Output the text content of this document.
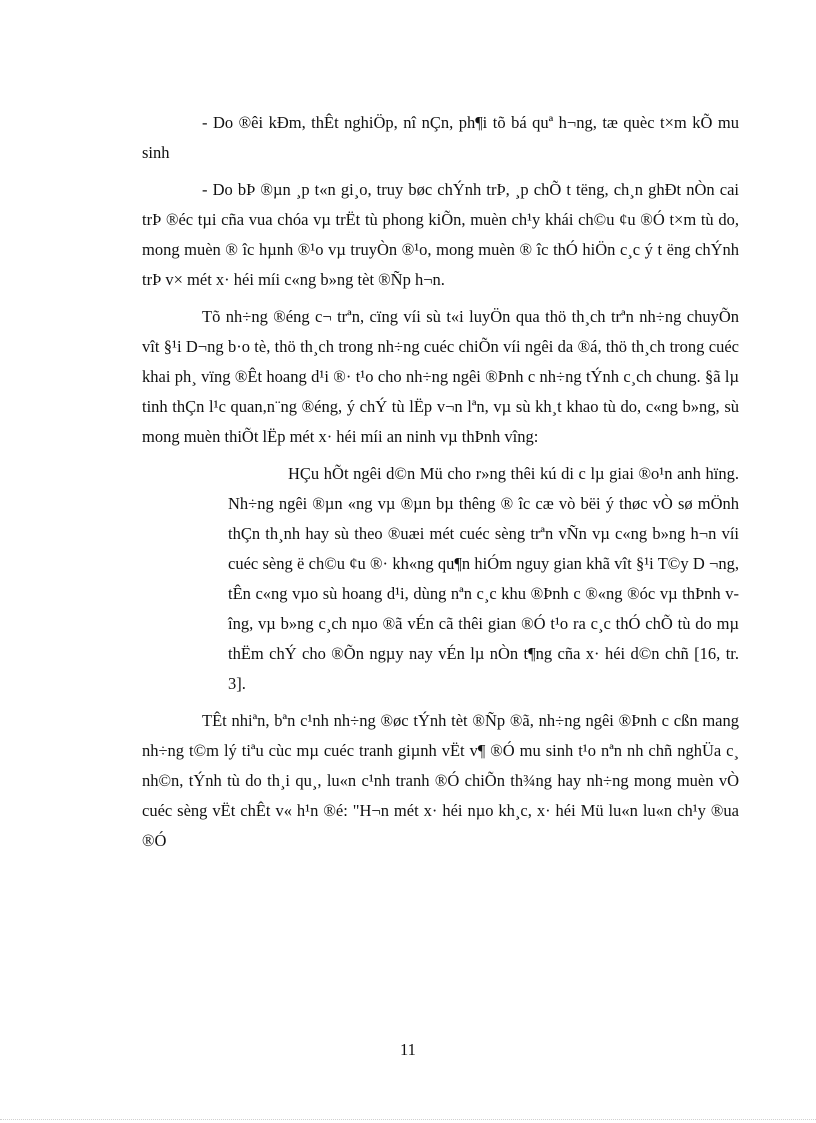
- Do ®êi kÐm, thÊt nghiÖp, nî nÇn, ph¶i tõ bá quª h¬ng, tæ quèc t×m kÕ mu sinh

- Do bÞ ®µn ¸p t«n gi¸o, truy bøc chÝnh trÞ, ¸p chÕ t tëng, ch¸n ghÐt nÒn cai trÞ ®éc tµi cña vua chóa vµ trËt tù phong kiÕn, muèn ch¹y khái ch©u ¢u ®Ó t×m tù do, mong muèn ® îc hµnh ®¹o vµ truyÒn ®¹o, mong muèn ® îc thÓ hiÖn c¸c ý t ëng chÝnh trÞ v× mét x· héi míi c«ng b»ng tèt ®Ñp h¬n.

Tõ nh÷ng ®éng c¬ trªn, cïng víi sù t«i luyÖn qua thö th¸ch trªn nh÷ng chuyÕn vît §¹i D¬ng b·o tè, thö th¸ch trong nh÷ng cuéc chiÕn víi ngêi da ®á, thö th¸ch trong cuéc khai ph¸ vïng ®Êt hoang d¹i ®· t¹o cho nh÷ng ngêi ®Þnh c nh÷ng tÝnh c¸ch chung. §ã lµ tinh thÇn l¹c quan,n¨ng ®éng, ý chÝ tù lËp v¬n lªn, vµ sù kh¸t khao tù do, c«ng b»ng, sù mong muèn thiÕt lËp mét x· héi míi an ninh vµ thÞnh vîng:

HÇu hÕt ngêi d©n Mü cho r»ng thêi kú di c lµ giai ®o¹n anh hïng. Nh÷ng ngêi ®µn «ng vµ ®µn bµ thêng ® îc cæ vò bëi ý thøc vÒ sø mÖnh thÇn th¸nh hay sù theo ®uæi mét cuéc sèng trªn vÑn vµ c«ng b»ng h¬n víi cuéc sèng ë ch©u ¢u ®· kh«ng qu¶n hiÓm nguy gian khã vît §¹i T©y D ¬ng, tÊn c«ng vµo sù hoang d¹i, dùng nªn c¸c khu ®Þnh c ®«ng ®óc vµ thÞnh vîng, vµ b»ng c¸ch nµo ®ã vÉn cã thêi gian ®Ó t¹o ra c¸c thÓ chÕ tù do mµ thËm chÝ cho ®Õn ngµy nay vÉn lµ nÒn t¶ng cña x· héi d©n chñ [16, tr. 3].

TÊt nhiªn, bªn c¹nh nh÷ng ®øc tÝnh tèt ®Ñp ®ã, nh÷ng ngêi ®Þnh c cßn mang nh÷ng t©m lý tiªu cùc mµ cuéc tranh giµnh vËt v¶ ®Ó mu sinh t¹o nªn nh chñ nghÜa c¸ nh©n, tÝnh tù do th¸i qu¸, lu«n c¹nh tranh ®Ó chiÕn th¾ng hay nh÷ng mong muèn vÒ cuéc sèng vËt chÊt v« h¹n ®é: "H¬n mét x· héi nµo kh¸c, x· héi Mü lu«n lu«n ch¹y ®ua ®Ó

11
